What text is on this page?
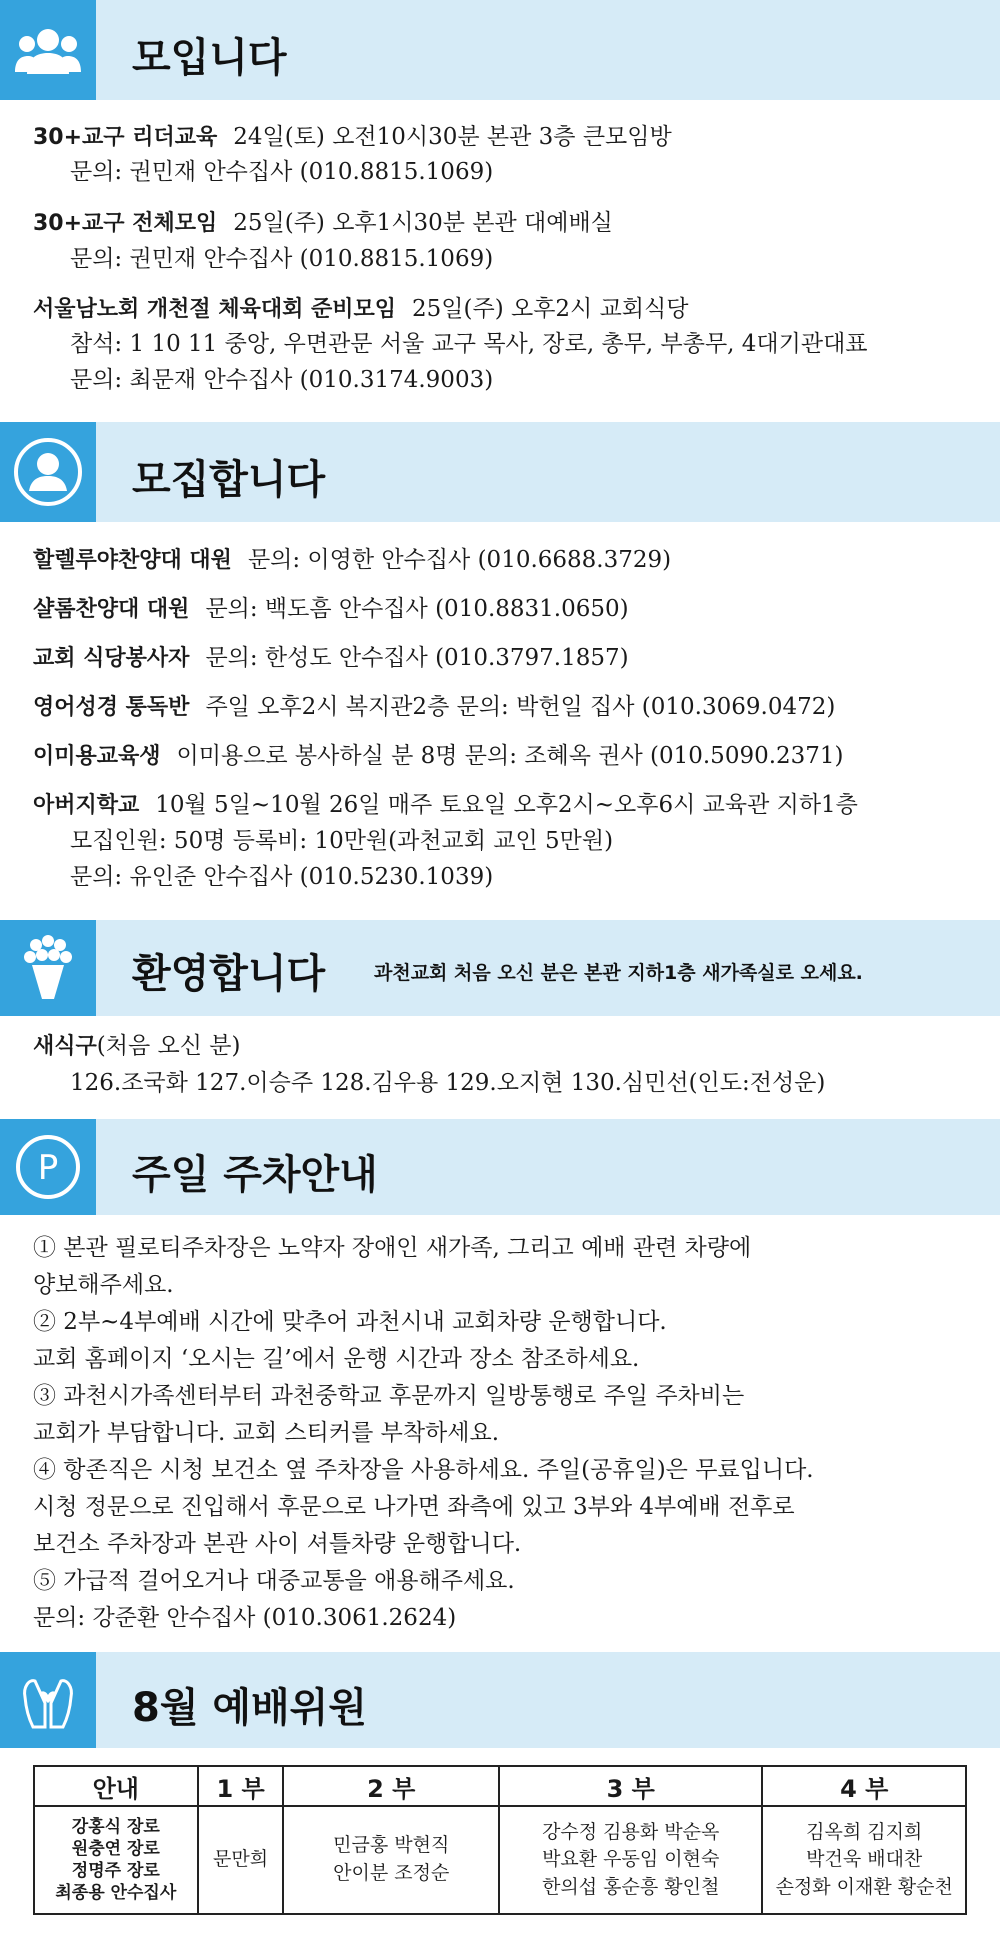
모입니다
30+교구 리더교육 24일(토) 오전10시30분 본관 3층 큰모임방
문의: 권민재 안수집사 (010.8815.1069)
30+교구 전체모임 25일(주) 오후1시30분 본관 대예배실
문의: 권민재 안수집사 (010.8815.1069)
서울남노회 개천절 체육대회 준비모임 25일(주) 오후2시 교회식당
참석: 1 10 11 중앙, 우면관문 서울 교구 목사, 장로, 총무, 부총무, 4대기관대표
문의: 최문재 안수집사 (010.3174.9003)
모집합니다
할렐루야찬양대 대원 문의: 이영한 안수집사 (010.6688.3729)
샬롬찬양대 대원 문의: 백도흠 안수집사 (010.8831.0650)
교회 식당봉사자 문의: 한성도 안수집사 (010.3797.1857)
영어성경 통독반 주일 오후2시 복지관2층 문의: 박헌일 집사 (010.3069.0472)
이미용교육생 이미용으로 봉사하실 분 8명 문의: 조혜옥 권사 (010.5090.2371)
아버지학교 10월 5일~10월 26일 매주 토요일 오후2시~오후6시 교육관 지하1층
모집인원: 50명 등록비: 10만원(과천교회 교인 5만원)
문의: 유인준 안수집사 (010.5230.1039)
환영합니다	과천교회 처음 오신 분은 본관 지하1층 새가족실로 오세요.
새식구(처음 오신 분)
126.조국화 127.이승주 128.김우용 129.오지현 130.심민선(인도:전성운)
P 주일 주차안내
① 본관 필로티주차장은 노약자 장애인 새가족, 그리고 예배 관련 차량에
양보해주세요.
② 2부~4부예배 시간에 맞추어 과천시내 교회차량 운행합니다.
교회 홈페이지 ‘오시는 길’에서 운행 시간과 장소 참조하세요.
③ 과천시가족센터부터 과천중학교 후문까지 일방통행로 주일 주차비는
교회가 부담합니다. 교회 스티커를 부착하세요.
④ 항존직은 시청 보건소 옆 주차장을 사용하세요. 주일(공휴일)은 무료입니다.
시청 정문으로 진입해서 후문으로 나가면 좌측에 있고 3부와 4부예배 전후로
보건소 주차장과 본관 사이 셔틀차량 운행합니다.
⑤ 가급적 걸어오거나 대중교통을 애용해주세요.
문의: 강준환 안수집사 (010.3061.2624)
8월 예배위원
안내	1 부	2 부	3 부	4 부

강홍식 장로
원충연 장로
정명주 장로
최종용 안수집사	문만희	민금홍 박현직
안이분 조정순	강수정 김용화 박순옥
박요환 우동임 이현숙
한의섭 홍순흥 황인철	김옥희 김지희
박건욱 배대찬
손정화 이재환 황순천
